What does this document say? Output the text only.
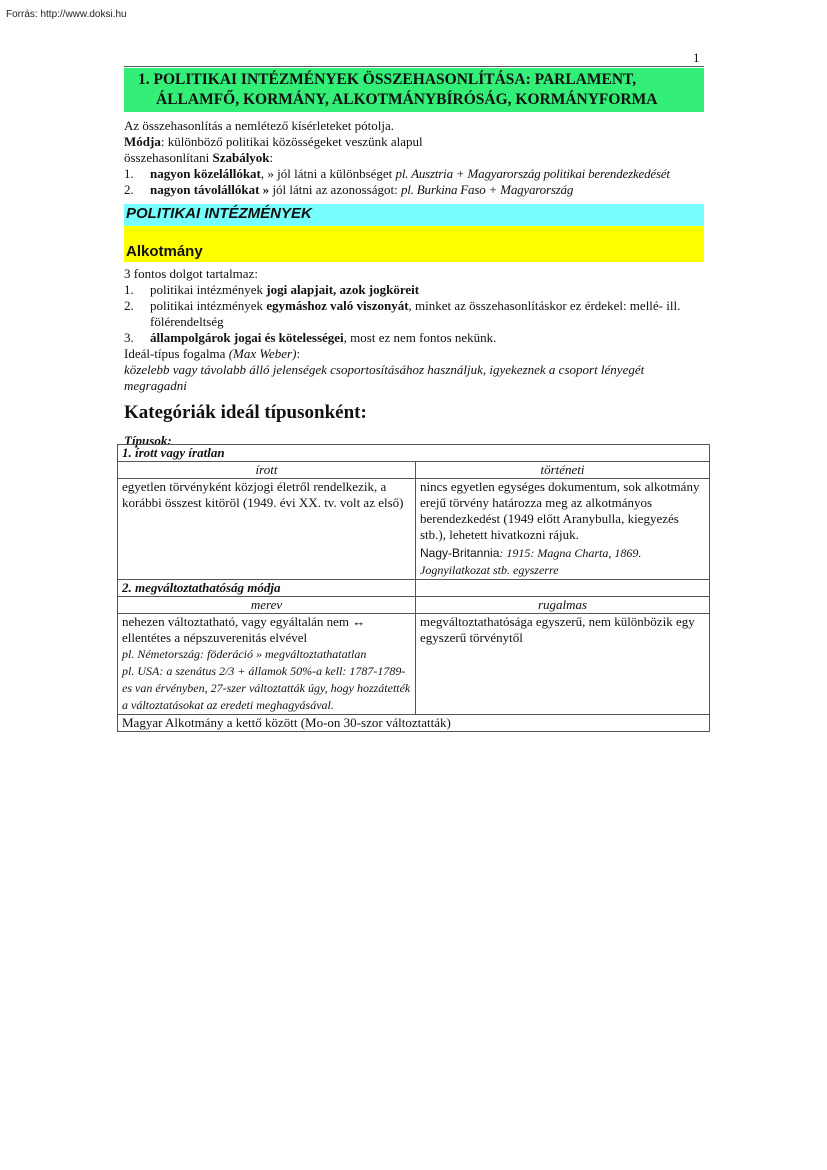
Forrás: http://www.doksi.hu
1
1. POLITIKAI INTÉZMÉNYEK ÖSSZEHASONLÍTÁSA: PARLAMENT,
ÁLLAMFŐ, KORMÁNY, ALKOTMÁNYBÍRÓSÁG, KORMÁNYFORMA

Az összehasonlítás a nemlétező kísérleteket pótolja.

Módja: különböző politikai közösségeket veszünk alapul

összehasonlítani Szabályok:

1.	nagyon közelállókat, » jól látni a különbséget pl. Ausztria + Magyarország politikai berendezkedését
2.	nagyon távolállókat » jól látni az azonosságot: pl. Burkina Faso + Magyarország
POLITIKAI INTÉZMÉNYEK
Alkotmány

3 fontos dolgot tartalmaz:

1.	politikai intézmények jogi alapjait, azok jogköreit
2.	politikai intézmények egymáshoz való viszonyát, minket az összehasonlításkor ez érdekel: mellé- ill. fölérendeltség
3.	állampolgárok jogai és kötelességei, most ez nem fontos nekünk.

Ideál-típus fogalma (Max Weber):

közelebb vagy távolabb álló jelenségek csoportosításához használjuk, igyekeznek a csoport lényegét megragadni

Kategóriák ideál típusonként:
Típusok:
1. írott vagy íratlan	
írott	történeti
egyetlen törvényként közjogi életről rendelkezik, a korábbi összest kitöröl (1949. évi XX. tv. volt az első)	nincs egyetlen egységes dokumentum, sok alkotmány erejű törvény határozza meg az alkotmányos berendezkedést (1949 előtt Aranybulla, kiegyezés stb.), lehetett hivatkozni rájuk.
Nagy-Britannia: 1915: Magna Charta, 1869. Jognyilatkozat stb. egyszerre

2. megváltoztathatóság módja	
merev	rugalmas

nehezen változtatható, vagy egyáltalán nem ↔ ellentétes a népszuverenitás elvével
pl. Németország: föderáció » megváltoztathatatlan
pl. USA: a szenátus 2/3 + államok 50%-a kell: 1787-1789-es van érvényben, 27-szer változtatták úgy, hogy hozzátették a változtatásokat az eredeti meghagyásával.	megváltoztathatósága egyszerű, nem különbözik egy egyszerű törvénytől
Magyar Alkotmány a kettő között (Mo-on 30-szor változtatták)	
